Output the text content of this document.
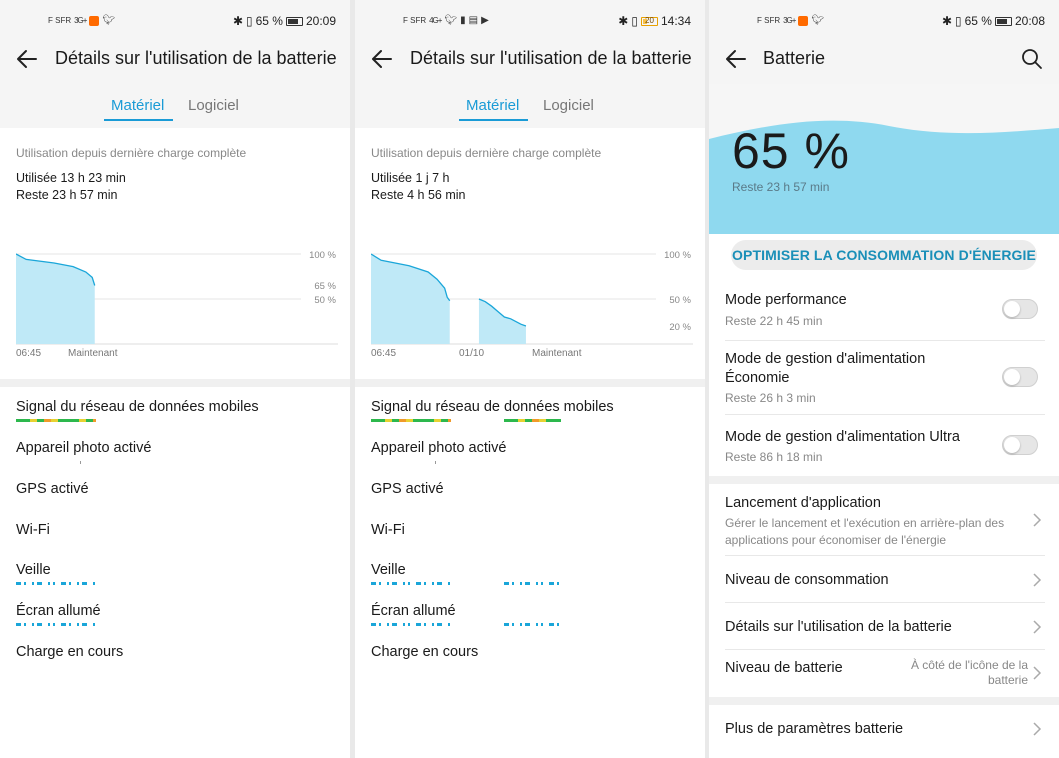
F SFR 3G+ 🐦︎	✱ ▯ 65 % 20:09
Détails sur l'utilisation de la batterie
Matériel Logiciel
Utilisation depuis dernière charge complète
Utilisée 13 h 23 min
Reste 23 h 57 min
100 %
65 %
50 %
06:45	Maintenant
Signal du réseau de données mobiles
Appareil photo activé
GPS activé
Wi-Fi
Veille
Écran allumé
Charge en cours
F SFR 4G+ 🐦︎ ▮ ▤ ▶	✱ ▯ 20 14:34
Détails sur l'utilisation de la batterie
Matériel Logiciel
Utilisation depuis dernière charge complète
Utilisée 1 j 7 h
Reste 4 h 56 min
100 %
50 %
20 %
06:45	01/10	Maintenant
Signal du réseau de données mobiles
Appareil photo activé
GPS activé
Wi-Fi
Veille
Écran allumé
Charge en cours
F SFR 3G+ 🐦︎	✱ ▯ 65 % 20:08
Batterie
65 %
Reste 23 h 57 min
OPTIMISER LA CONSOMMATION D'ÉNERGIE
Mode performance
Reste 22 h 45 min
Mode de gestion d'alimentation Économie
Reste 26 h 3 min
Mode de gestion d'alimentation Ultra
Reste 86 h 18 min
Lancement d'application
Gérer le lancement et l'exécution en arrière-plan des applications pour économiser de l'énergie
Niveau de consommation
Détails sur l'utilisation de la batterie
Niveau de batterie	À côté de l'icône de la batterie
Plus de paramètres batterie
